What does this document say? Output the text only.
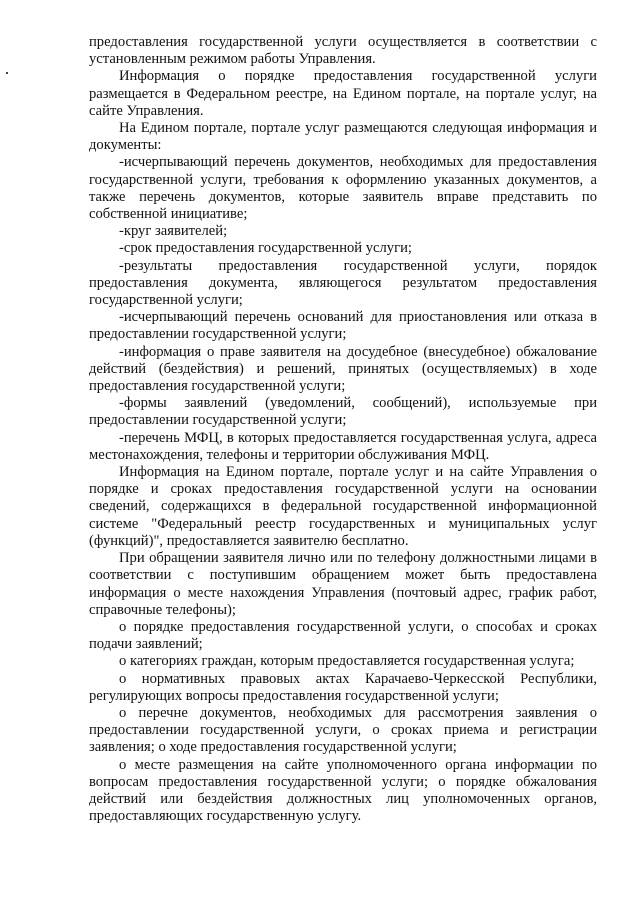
предоставления государственной услуги осуществляется в соответствии с установленным режимом работы Управления.

Информация о порядке предоставления государственной услуги размещается в Федеральном реестре, на Едином портале, на портале услуг, на сайте Управления.

На Едином портале, портале услуг размещаются следующая информация и документы:

-исчерпывающий перечень документов, необходимых для предоставления государственной услуги, требования к оформлению указанных документов, а также перечень документов, которые заявитель вправе представить по собственной инициативе;

-круг заявителей;

-срок предоставления государственной услуги;

-результаты предоставления государственной услуги, порядок предоставления документа, являющегося результатом предоставления государственной услуги;

-исчерпывающий перечень оснований для приостановления или отказа в предоставлении государственной услуги;

-информация о праве заявителя на досудебное (внесудебное) обжалование действий (бездействия) и решений, принятых (осуществляемых) в ходе предоставления государственной услуги;

-формы заявлений (уведомлений, сообщений), используемые при предоставлении государственной услуги;

-перечень МФЦ, в которых предоставляется государственная услуга, адреса местонахождения, телефоны и территории обслуживания МФЦ.

Информация на Едином портале, портале услуг и на сайте Управления о порядке и сроках предоставления государственной услуги на основании сведений, содержащихся в федеральной государственной информационной системе "Федеральный реестр государственных и муниципальных услуг (функций)", предоставляется заявителю бесплатно.

При обращении заявителя лично или по телефону должностными лицами в соответствии с поступившим обращением может быть предоставлена информация о месте нахождения Управления (почтовый адрес, график работ, справочные телефоны);

о порядке предоставления государственной услуги, о способах и сроках подачи заявлений;

о категориях граждан, которым предоставляется государственная услуга;

о нормативных правовых актах Карачаево-Черкесской Республики, регулирующих вопросы предоставления государственной услуги;

о перечне документов, необходимых для рассмотрения заявления о предоставлении государственной услуги, о сроках приема и регистрации заявления; о ходе предоставления государственной услуги;

о месте размещения на сайте уполномоченного органа информации по вопросам предоставления государственной услуги; о порядке обжалования действий или бездействия должностных лиц уполномоченных органов, предоставляющих государственную услугу.
